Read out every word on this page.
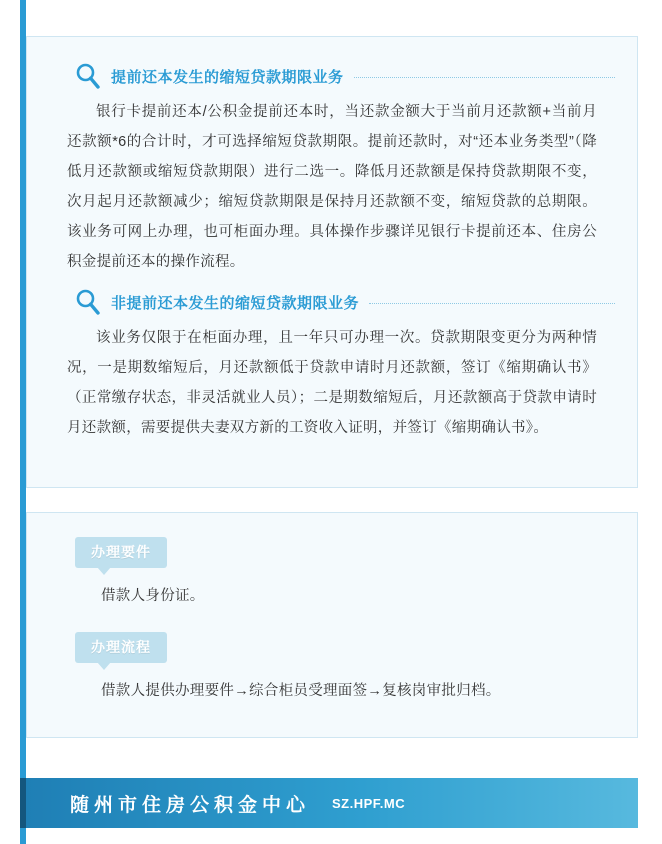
提前还本发生的缩短贷款期限业务

银行卡提前还本/公积金提前还本时，当还款金额大于当前月还款额+当前月还款额*6的合计时，才可选择缩短贷款期限。提前还款时，对“还本业务类型”（降低月还款额或缩短贷款期限）进行二选一。降低月还款额是保持贷款期限不变，次月起月还款额减少；缩短贷款期限是保持月还款额不变，缩短贷款的总期限。该业务可网上办理，也可柜面办理。具体操作步骤详见银行卡提前还本、住房公积金提前还本的操作流程。

非提前还本发生的缩短贷款期限业务

该业务仅限于在柜面办理，且一年只可办理一次。贷款期限变更分为两种情况，一是期数缩短后，月还款额低于贷款申请时月还款额，签订《缩期确认书》（正常缴存状态，非灵活就业人员）；二是期数缩短后，月还款额高于贷款申请时月还款额，需要提供夫妻双方新的工资收入证明，并签订《缩期确认书》。

办理要件
借款人身份证。
办理流程
借款人提供办理要件→综合柜员受理面签→复核岗审批归档。
随州市住房公积金中心 SZ.HPF.MC
